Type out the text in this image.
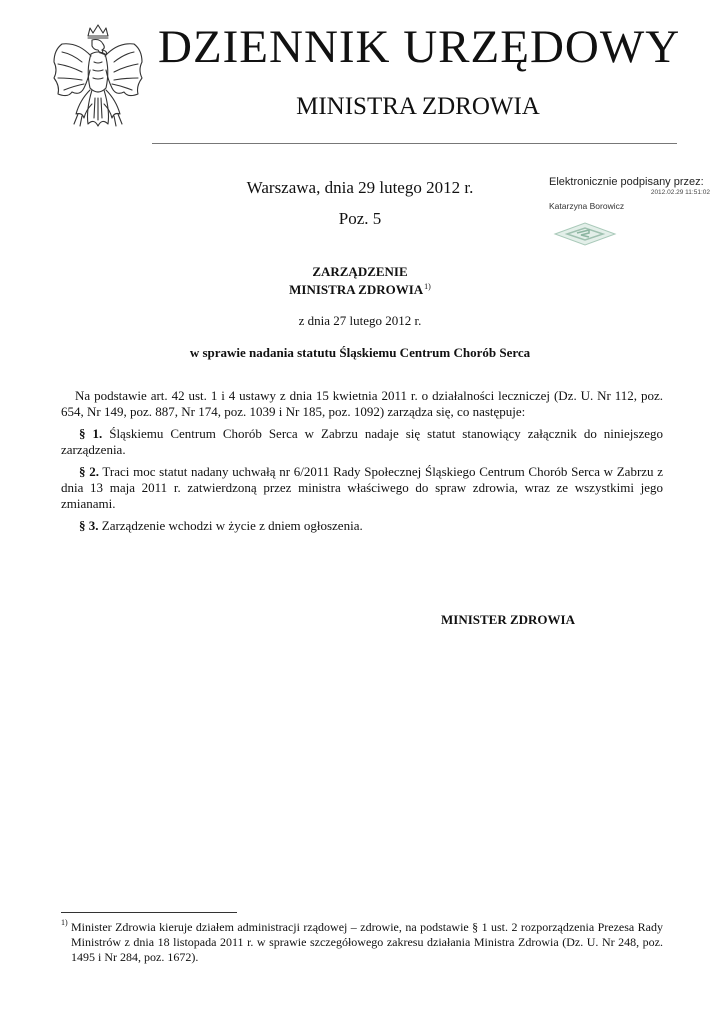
DZIENNIK URZĘDOWY
MINISTRA ZDROWIA
Warszawa, dnia 29 lutego 2012 r.
Poz. 5
Elektronicznie podpisany przez:
2012.02.29 11:51:02
Katarzyna Borowicz
ZARZĄDZENIE
MINISTRA ZDROWIA$^{1)}$
z dnia 27 lutego 2012 r.
w sprawie nadania statutu Śląskiemu Centrum Chorób Serca
Na podstawie art. 42 ust. 1 i 4 ustawy z dnia 15 kwietnia 2011 r. o działalności leczniczej (Dz. U. Nr 112, poz. 654, Nr 149, poz. 887, Nr 174, poz. 1039 i Nr 185, poz. 1092) zarządza się, co następuje:
§ 1. Śląskiemu Centrum Chorób Serca w Zabrzu nadaje się statut stanowiący załącznik do niniejszego zarządzenia.
§ 2. Traci moc statut nadany uchwałą nr 6/2011 Rady Społecznej Śląskiego Centrum Chorób Serca w Zabrzu z dnia 13 maja 2011 r. zatwierdzoną przez ministra właściwego do spraw zdrowia, wraz ze wszystkimi jego zmianami.
§ 3. Zarządzenie wchodzi w życie z dniem ogłoszenia.
MINISTER ZDROWIA
1) Minister Zdrowia kieruje działem administracji rządowej – zdrowie, na podstawie § 1 ust. 2 rozporządzenia Prezesa Rady Ministrów z dnia 18 listopada 2011 r. w sprawie szczegółowego zakresu działania Ministra Zdrowia (Dz. U. Nr 248, poz. 1495 i Nr 284, poz. 1672).
